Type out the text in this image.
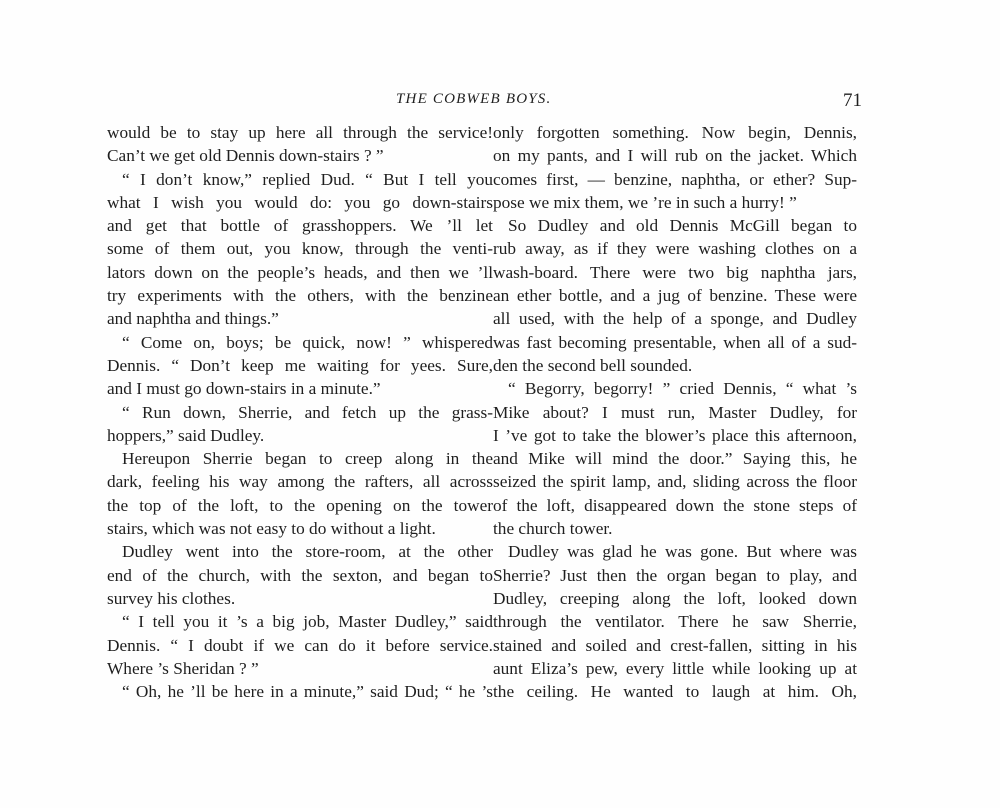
THE COBWEB BOYS.	71
would be to stay up here all through the service!
Can’t we get old Dennis down-stairs ? ”
“ I don’t know,” replied Dud. “ But I tell you
what I wish you would do: you go down-stairs
and get that bottle of grasshoppers. We ’ll let
some of them out, you know, through the venti-
lators down on the people’s heads, and then we ’ll
try experiments with the others, with the benzine
and naphtha and things.”
“ Come on, boys; be quick, now! ” whispered
Dennis. “ Don’t keep me waiting for yees. Sure,
and I must go down-stairs in a minute.”
“ Run down, Sherrie, and fetch up the grass-
hoppers,” said Dudley.
Hereupon Sherrie began to creep along in the
dark, feeling his way among the rafters, all across
the top of the loft, to the opening on the tower
stairs, which was not easy to do without a light.
Dudley went into the store-room, at the other
end of the church, with the sexton, and began to
survey his clothes.
“ I tell you it ’s a big job, Master Dudley,” said
Dennis. “ I doubt if we can do it before service.
Where ’s Sheridan ? ”
“ Oh, he ’ll be here in a minute,” said Dud; “ he ’s
only forgotten something. Now begin, Dennis,
on my pants, and I will rub on the jacket. Which
comes first, — benzine, naphtha, or ether? Sup-
pose we mix them, we ’re in such a hurry! ”
So Dudley and old Dennis McGill began to
rub away, as if they were washing clothes on a
wash-board. There were two big naphtha jars,
an ether bottle, and a jug of benzine. These were
all used, with the help of a sponge, and Dudley
was fast becoming presentable, when all of a sud-
den the second bell sounded.
“ Begorry, begorry! ” cried Dennis, “ what ’s
Mike about? I must run, Master Dudley, for
I ’ve got to take the blower’s place this afternoon,
and Mike will mind the door.” Saying this, he
seized the spirit lamp, and, sliding across the floor
of the loft, disappeared down the stone steps of
the church tower.
Dudley was glad he was gone. But where was
Sherrie? Just then the organ began to play, and
Dudley, creeping along the loft, looked down
through the ventilator. There he saw Sherrie,
stained and soiled and crest-fallen, sitting in his
aunt Eliza’s pew, every little while looking up at
the ceiling. He wanted to laugh at him. Oh,
